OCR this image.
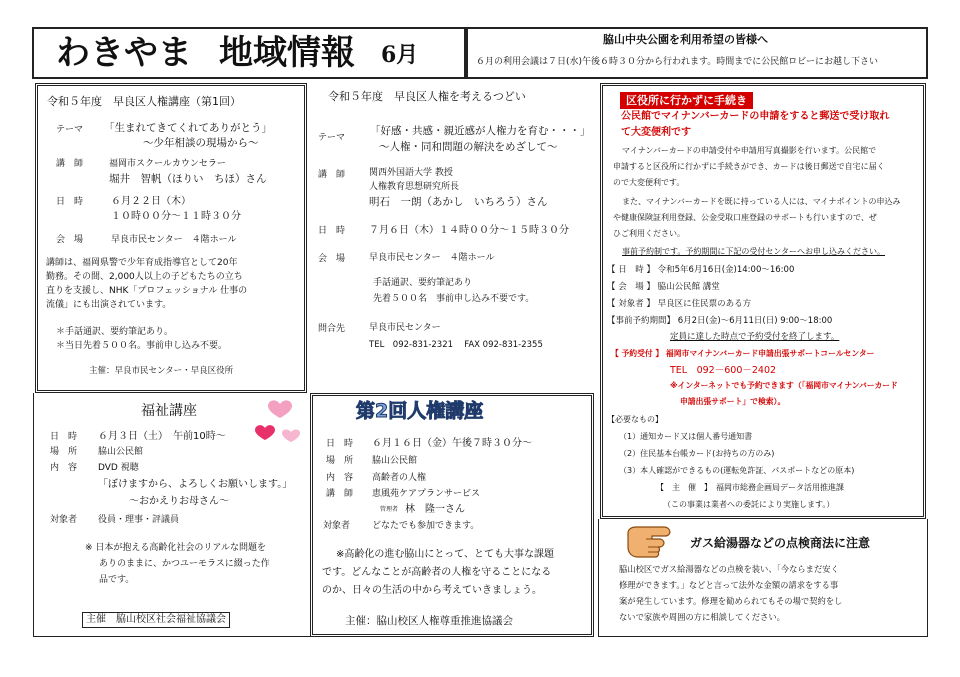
わきやま 地域情報 6月
脇山中央公園を利用希望の皆様へ
６月の利用会議は７日(水)午後６時３０分から行われます。時間までに公民館ロビーにお越し下さい
令和５年度　早良区人権講座（第1回）
テーマ 「生まれてきてくれてありがとう」
～少年相談の現場から～
講　師	福岡市スクールカウンセラー
堀井　智帆（ほりい　ちほ）さん
日　時	６月２２日（木）
１０時００分～１１時３０分
会　場	早良市民センター　４階ホール
講師は、福岡県警で少年育成指導官として20年
勤務。その間、2,000人以上の子どもたちの立ち
直りを支援し、NHK「プロフェッショナル 仕事の
流儀」にも出演されています。
＊手話通訳、要約筆記あり。
＊当日先着５００名。事前申し込み不要。
主催：早良市民センター・早良区役所
令和５年度　早良区人権を考えるつどい
テーマ
「好感・共感・親近感が人権力を育む・・・」
～人権・同和問題の解決をめざして～
講　師	関西外国語大学 教授
人権教育思想研究所長
明石　一朗（あかし　いちろう）さん
日　時 ７月６日（木）１４時００分～１５時３０分
会　場	早良市民センター　４階ホール
手話通訳、要約筆記あり
先着５００名　事前申し込み不要です。
問合先	早良市民センター
TEL　092-831-2321　 FAX 092-831-2355
区役所に行かずに手続き
公民館でマイナンバーカードの申請をすると郵送で受け取れ
て大変便利です
マイナンバーカードの申請受付や申請用写真撮影を行います。公民館で
申請すると区役所に行かずに手続きができ、カードは後日郵送で自宅に届く
ので大変便利です。
また、マイナンバーカードを既に持っている人には、マイナポイントの申込み
や健康保険証利用登録、公金受取口座登録のサポートも行いますので、ぜ
ひご利用ください。
事前予約制です。予約期間に下記の受付センターへお申し込みください。
【 日　時 】 令和5年6月16日(金)14:00～16:00
【 会　場 】 脇山公民館 講堂
【 対象者 】 早良区に住民票のある方
【事前予約期間】 6月2日(金)～6月11日(日) 9:00～18:00
定員に達した時点で予約受付を終了します。
【 予約受付 】 福岡市マイナンバーカード申請出張サポートコールセンター
TEL　092－600－2402
※インターネットでも予約できます（｢福岡市マイナンバーカード
申請出張サポート」で検索）。
【必要なもの】
（1）通知カード又は個人番号通知書
（2）住民基本台帳カード(お持ちの方のみ)
（3）本人確認ができるもの(運転免許証、パスポートなどの原本)
【　主　催　】　福岡市総務企画局データ活用推進課
（この事業は業者への委託により実施します。）
福祉講座
日　時 ６月３日（土）　午前10時～
場　所 脇山公民館
内　容 DVD 視聴
「ぼけますから、よろしくお願いします。」
～おかえりお母さん～
対象者 役員・理事・評議員
※ 日本が抱える高齢化社会のリアルな問題を
ありのままに、かつユーモラスに綴った作
品です。
主催　脇山校区社会福祉協議会
第2回人権講座
日　時 ６月１６日（金）午後７時３０分～
場　所 脇山公民館
内　容 高齢者の人権
講　師 恵風苑ケアプランサービス
管理者 林　隆一さん
対象者 どなたでも参加できます。
※高齢化の進む脇山にとって、とても大事な課題
です。どんなことが高齢者の人権を守ることになる
のか、日々の生活の中から考えていきましょう。
主催：脇山校区人権尊重推進協議会
ガス給湯器などの点検商法に注意
脇山校区でガス給湯器などの点検を装い、「今ならまだ安く
修理ができます。」などと言って法外な金額の請求をする事
案が発生しています。修理を勧められてもその場で契約をし
ないで家族や周囲の方に相談してください。
